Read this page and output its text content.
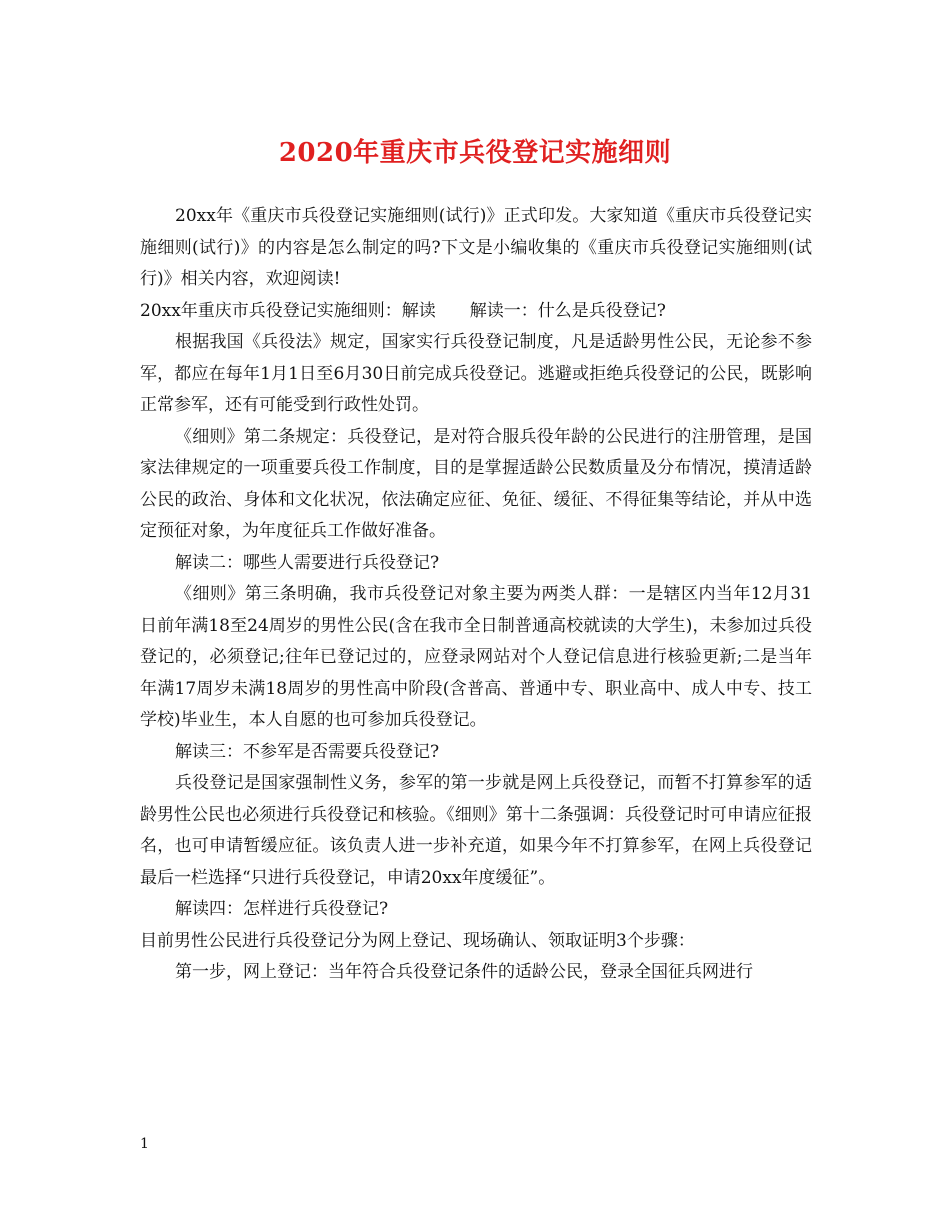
2020年重庆市兵役登记实施细则

20xx年《重庆市兵役登记实施细则(试行)》正式印发。大家知道《重庆市兵役登记实施细则(试行)》的内容是怎么制定的吗?下文是小编收集的《重庆市兵役登记实施细则(试行)》相关内容，欢迎阅读!

20xx年重庆市兵役登记实施细则：解读　　解读一：什么是兵役登记?

根据我国《兵役法》规定，国家实行兵役登记制度，凡是适龄男性公民，无论参不参军，都应在每年1月1日至6月30日前完成兵役登记。逃避或拒绝兵役登记的公民，既影响正常参军，还有可能受到行政性处罚。

《细则》第二条规定：兵役登记，是对符合服兵役年龄的公民进行的注册管理，是国家法律规定的一项重要兵役工作制度，目的是掌握适龄公民数质量及分布情况，摸清适龄公民的政治、身体和文化状况，依法确定应征、免征、缓征、不得征集等结论，并从中选定预征对象，为年度征兵工作做好准备。

解读二：哪些人需要进行兵役登记?

《细则》第三条明确，我市兵役登记对象主要为两类人群：一是辖区内当年12月31日前年满18至24周岁的男性公民(含在我市全日制普通高校就读的大学生)，未参加过兵役登记的，必须登记;往年已登记过的，应登录网站对个人登记信息进行核验更新;二是当年年满17周岁未满18周岁的男性高中阶段(含普高、普通中专、职业高中、成人中专、技工学校)毕业生，本人自愿的也可参加兵役登记。

解读三：不参军是否需要兵役登记?

兵役登记是国家强制性义务，参军的第一步就是网上兵役登记，而暂不打算参军的适龄男性公民也必须进行兵役登记和核验。《细则》第十二条强调：兵役登记时可申请应征报名，也可申请暂缓应征。该负责人进一步补充道，如果今年不打算参军，在网上兵役登记最后一栏选择“只进行兵役登记，申请20xx年度缓征”。

解读四：怎样进行兵役登记?

目前男性公民进行兵役登记分为网上登记、现场确认、领取证明3个步骤：

第一步，网上登记：当年符合兵役登记条件的适龄公民，登录全国征兵网进行

1
